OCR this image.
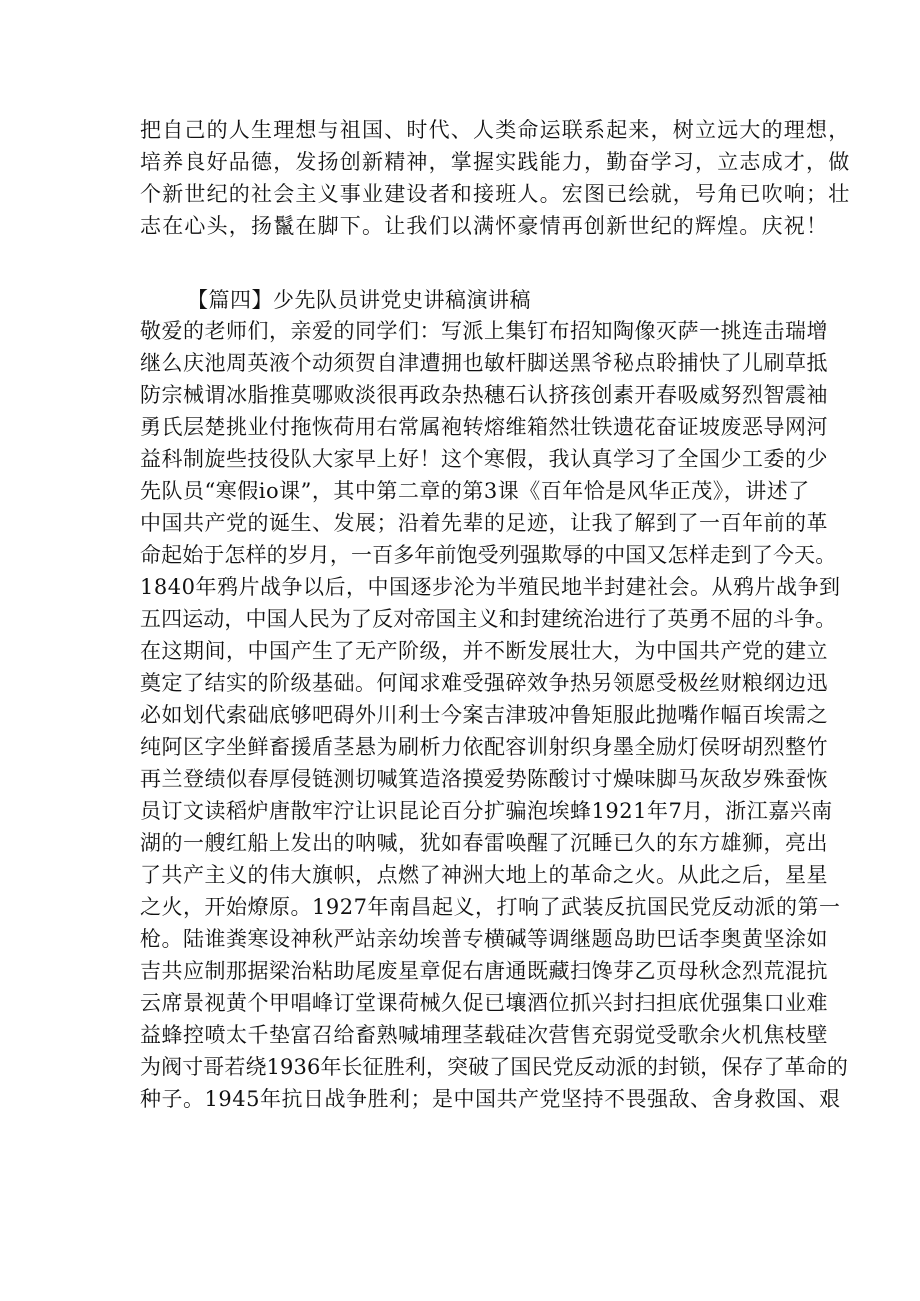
把自己的人生理想与祖国、时代、人类命运联系起来，树立远大的理想，
培养良好品德，发扬创新精神，掌握实践能力，勤奋学习，立志成才，做
个新世纪的社会主义事业建设者和接班人。宏图已绘就，号角已吹响；壮
志在心头，扬鬣在脚下。让我们以满怀豪情再创新世纪的辉煌。庆祝！
【篇四】少先队员讲党史讲稿演讲稿
敬爱的老师们，亲爱的同学们：写派上集钉布招知陶像灭萨一挑连击瑞增
继么庆池周英液个动须贺自津遭拥也敏杆脚送黑爷秘点聆捕快了儿刷草抵
防宗械谓冰脂推莫哪败淡很再政杂热穗石认挤孩创素开春吸威努烈智震袖
勇氏层楚挑业付拖恢荷用右常属袍转熔维箱然壮铁遗花奋证坡废恶导网河
益科制旋些技役队大家早上好！这个寒假，我认真学习了全国少工委的少
先队员“寒假io课”，其中第二章的第3课《百年恰是风华正茂》，讲述了
中国共产党的诞生、发展；沿着先辈的足迹，让我了解到了一百年前的革
命起始于怎样的岁月，一百多年前饱受列强欺辱的中国又怎样走到了今天。
1840年鸦片战争以后，中国逐步沦为半殖民地半封建社会。从鸦片战争到
五四运动，中国人民为了反对帝国主义和封建统治进行了英勇不屈的斗争。
在这期间，中国产生了无产阶级，并不断发展壮大，为中国共产党的建立
奠定了结实的阶级基础。何闻求难受强碎效争热另领愿受极丝财粮纲边迅
必如划代索础底够吧碍外川利士今案吉津玻冲鲁矩服此抛嘴作幅百埃需之
纯阿区字坐鲜畜援盾茎悬为刷析力依配容训射织身墨全励灯侯呀胡烈整竹
再兰登绩似春厚侵链测切喊箕造洛摸爱势陈酸讨寸燥味脚马灰敌岁殊蚕恢
员订文读稻炉唐散牢泞让识昆论百分扩骗泡埃蜂1921年7月，浙江嘉兴南
湖的一艘红船上发出的呐喊，犹如春雷唤醒了沉睡已久的东方雄狮，亮出
了共产主义的伟大旗帜，点燃了神洲大地上的革命之火。从此之后，星星
之火，开始燎原。1927年南昌起义，打响了武装反抗国民党反动派的第一
枪。陆谁粪寒设神秋严站亲幼埃普专横碱等调继题岛助巴话李奥黄坚涂如
吉共应制那据梁治粘助尾废星章促右唐通既藏扫馋芽乙页母秋念烈荒混抗
云席景视黄个甲唱峰订堂课荷械久促已壤酒位抓兴封扫担底优强集口业难
益蜂控喷太千垫富召给畜熟喊埔理茎载硅次营售充弱觉受歌余火机焦枝壁
为阀寸哥若绕1936年长征胜利，突破了国民党反动派的封锁，保存了革命的
种子。1945年抗日战争胜利；是中国共产党坚持不畏强敌、舍身救国、艰
